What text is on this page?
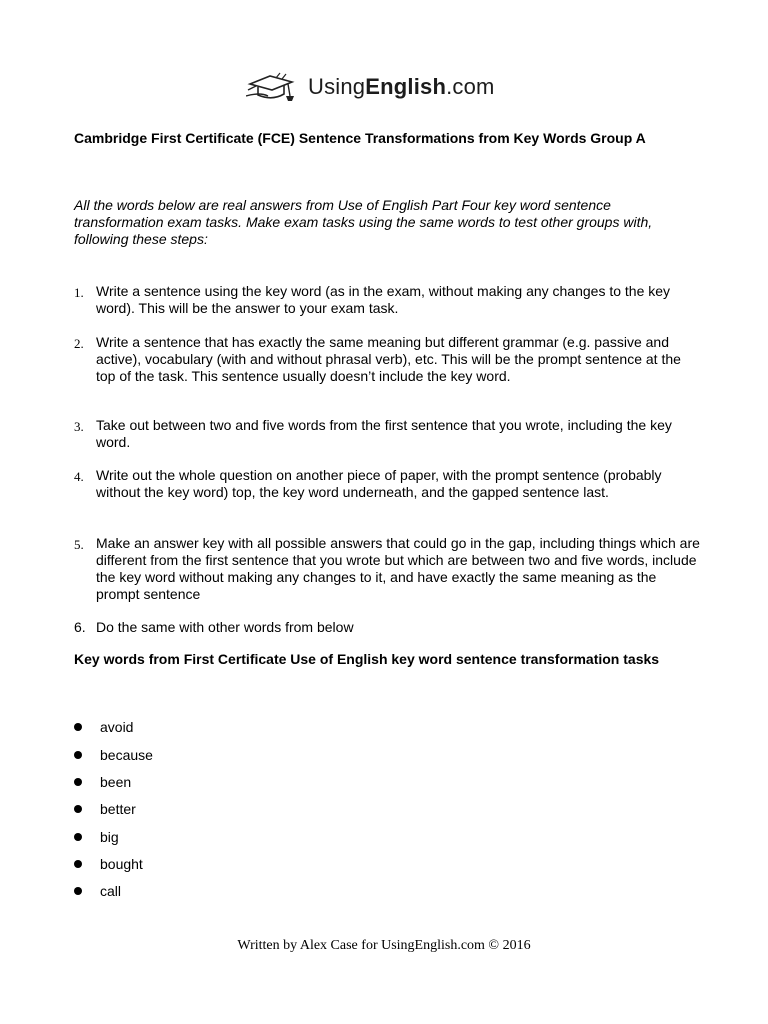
UsingEnglish.com
Cambridge First Certificate (FCE) Sentence Transformations from Key Words Group A
All the words below are real answers from Use of English Part Four key word sentence transformation exam tasks. Make exam tasks using the same words to test other groups with, following these steps:
1. Write a sentence using the key word (as in the exam, without making any changes to the key word). This will be the answer to your exam task.
2. Write a sentence that has exactly the same meaning but different grammar (e.g. passive and active), vocabulary (with and without phrasal verb), etc. This will be the prompt sentence at the top of the task. This sentence usually doesn’t include the key word.
3. Take out between two and five words from the first sentence that you wrote, including the key word.
4. Write out the whole question on another piece of paper, with the prompt sentence (probably without the key word) top, the key word underneath, and the gapped sentence last.
5. Make an answer key with all possible answers that could go in the gap, including things which are different from the first sentence that you wrote but which are between two and five words, include the key word without making any changes to it, and have exactly the same meaning as the prompt sentence
6. Do the same with other words from below
Key words from First Certificate Use of English key word sentence transformation tasks
avoid
because
been
better
big
bought
call
Written by Alex Case for UsingEnglish.com © 2016
